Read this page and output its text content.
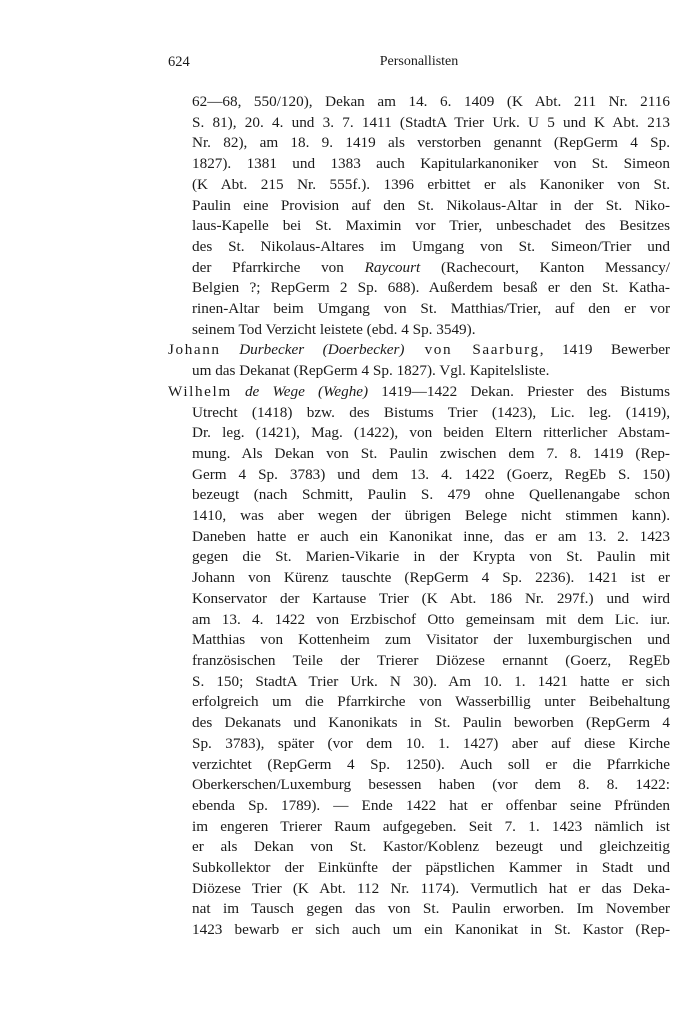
624	Personallisten
62—68, 550/120), Dekan am 14. 6. 1409 (K Abt. 211 Nr. 2116
S. 81), 20. 4. und 3. 7. 1411 (StadtA Trier Urk. U 5 und K Abt. 213
Nr. 82), am 18. 9. 1419 als verstorben genannt (RepGerm 4 Sp.
1827). 1381 und 1383 auch Kapitularkanoniker von St. Simeon
(K Abt. 215 Nr. 555f.). 1396 erbittet er als Kanoniker von St.
Paulin eine Provision auf den St. Nikolaus-Altar in der St. Niko-
laus-Kapelle bei St. Maximin vor Trier, unbeschadet des Besitzes
des St. Nikolaus-Altares im Umgang von St. Simeon/Trier und
der Pfarrkirche von Raycourt (Rachecourt, Kanton Messancy/
Belgien ?; RepGerm 2 Sp. 688). Außerdem besaß er den St. Katha-
rinen-Altar beim Umgang von St. Matthias/Trier, auf den er vor
seinem Tod Verzicht leistete (ebd. 4 Sp. 3549).
Johann Durbecker (Doerbecker) von Saarburg, 1419 Bewerber
um das Dekanat (RepGerm 4 Sp. 1827). Vgl. Kapitelsliste.
Wilhelm de Wege (Weghe) 1419—1422 Dekan. Priester des Bistums
Utrecht (1418) bzw. des Bistums Trier (1423), Lic. leg. (1419),
Dr. leg. (1421), Mag. (1422), von beiden Eltern ritterlicher Abstam-
mung. Als Dekan von St. Paulin zwischen dem 7. 8. 1419 (Rep-
Germ 4 Sp. 3783) und dem 13. 4. 1422 (Goerz, RegEb S. 150)
bezeugt (nach Schmitt, Paulin S. 479 ohne Quellenangabe schon
1410, was aber wegen der übrigen Belege nicht stimmen kann).
Daneben hatte er auch ein Kanonikat inne, das er am 13. 2. 1423
gegen die St. Marien-Vikarie in der Krypta von St. Paulin mit
Johann von Kürenz tauschte (RepGerm 4 Sp. 2236). 1421 ist er
Konservator der Kartause Trier (K Abt. 186 Nr. 297f.) und wird
am 13. 4. 1422 von Erzbischof Otto gemeinsam mit dem Lic. iur.
Matthias von Kottenheim zum Visitator der luxemburgischen und
französischen Teile der Trierer Diözese ernannt (Goerz, RegEb
S. 150; StadtA Trier Urk. N 30). Am 10. 1. 1421 hatte er sich
erfolgreich um die Pfarrkirche von Wasserbillig unter Beibehaltung
des Dekanats und Kanonikats in St. Paulin beworben (RepGerm 4
Sp. 3783), später (vor dem 10. 1. 1427) aber auf diese Kirche
verzichtet (RepGerm 4 Sp. 1250). Auch soll er die Pfarrkiche
Oberkerschen/Luxemburg besessen haben (vor dem 8. 8. 1422:
ebenda Sp. 1789). — Ende 1422 hat er offenbar seine Pfründen
im engeren Trierer Raum aufgegeben. Seit 7. 1. 1423 nämlich ist
er als Dekan von St. Kastor/Koblenz bezeugt und gleichzeitig
Subkollektor der Einkünfte der päpstlichen Kammer in Stadt und
Diözese Trier (K Abt. 112 Nr. 1174). Vermutlich hat er das Deka-
nat im Tausch gegen das von St. Paulin erworben. Im November
1423 bewarb er sich auch um ein Kanonikat in St. Kastor (Rep-
